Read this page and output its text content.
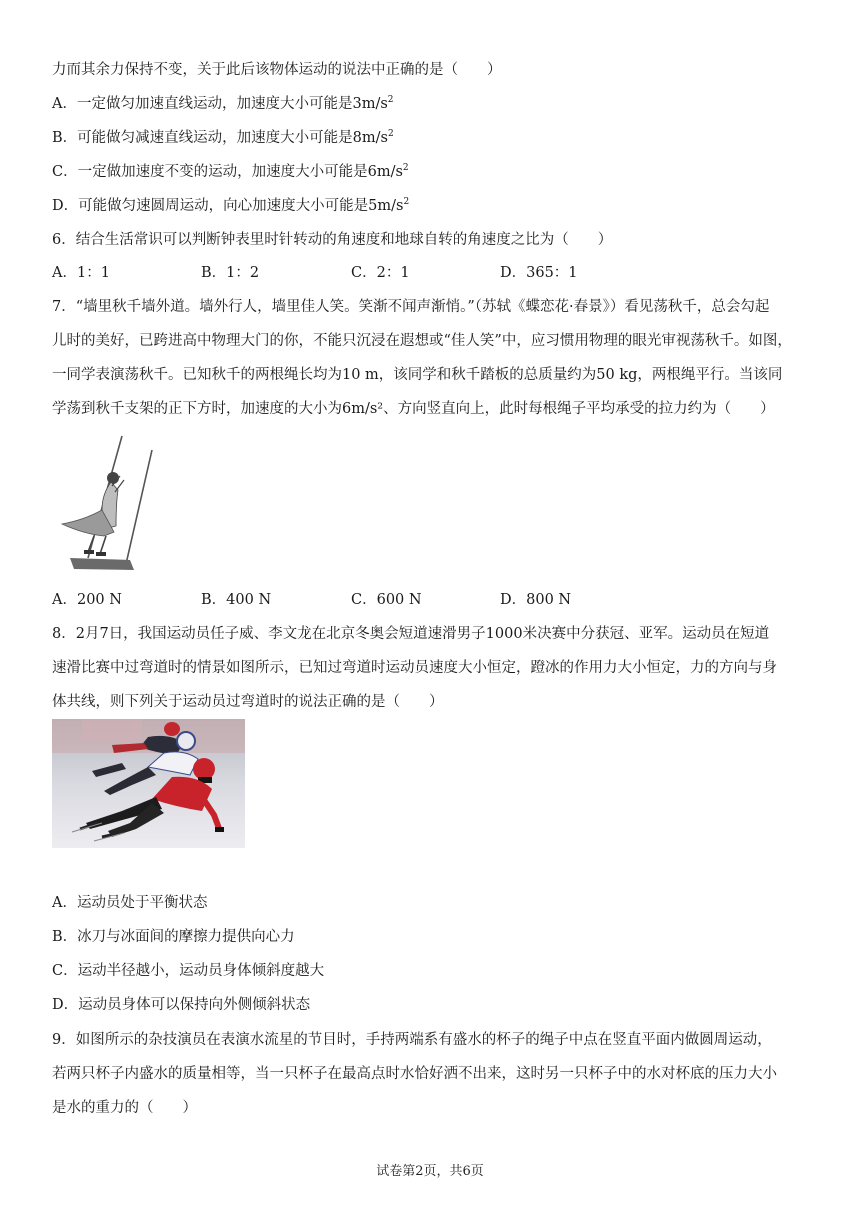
力而其余力保持不变，关于此后该物体运动的说法中正确的是（　　）
A．一定做匀加速直线运动，加速度大小可能是$3m/s^2$
B．可能做匀减速直线运动，加速度大小可能是$8m/s^2$
C．一定做加速度不变的运动，加速度大小可能是$6m/s^2$
D．可能做匀速圆周运动，向心加速度大小可能是$5m/s^2$
6．结合生活常识可以判断钟表里时针转动的角速度和地球自转的角速度之比为（　　）
A．1：1	B．1：2	C．2：1	D．365：1
7．“墙里秋千墙外道。墙外行人，墙里佳人笑。笑渐不闻声渐悄。”（苏轼《蝶恋花·春景》）看见荡秋千，总会勾起
儿时的美好，已跨进高中物理大门的你，不能只沉浸在遐想或“佳人笑”中，应习惯用物理的眼光审视荡秋千。如图，
一同学表演荡秋千。已知秋千的两根绳长均为10 m，该同学和秋千踏板的总质量约为50 kg，两根绳平行。当该同
学荡到秋千支架的正下方时，加速度的大小为6m/s²、方向竖直向上，此时每根绳子平均承受的拉力约为（　　）
A．200 N	B．400 N	C．600 N	D．800 N
8．2月7日，我国运动员任子威、李文龙在北京冬奥会短道速滑男子1000米决赛中分获冠、亚军。运动员在短道
速滑比赛中过弯道时的情景如图所示，已知过弯道时运动员速度大小恒定，蹬冰的作用力大小恒定，力的方向与身
体共线，则下列关于运动员过弯道时的说法正确的是（　　）
A．运动员处于平衡状态
B．冰刀与冰面间的摩擦力提供向心力
C．运动半径越小，运动员身体倾斜度越大
D．运动员身体可以保持向外侧倾斜状态
9．如图所示的杂技演员在表演水流星的节目时，手持两端系有盛水的杯子的绳子中点在竖直平面内做圆周运动，
若两只杯子内盛水的质量相等，当一只杯子在最高点时水恰好洒不出来，这时另一只杯子中的水对杯底的压力大小
是水的重力的（　　）
试卷第2页，共6页
